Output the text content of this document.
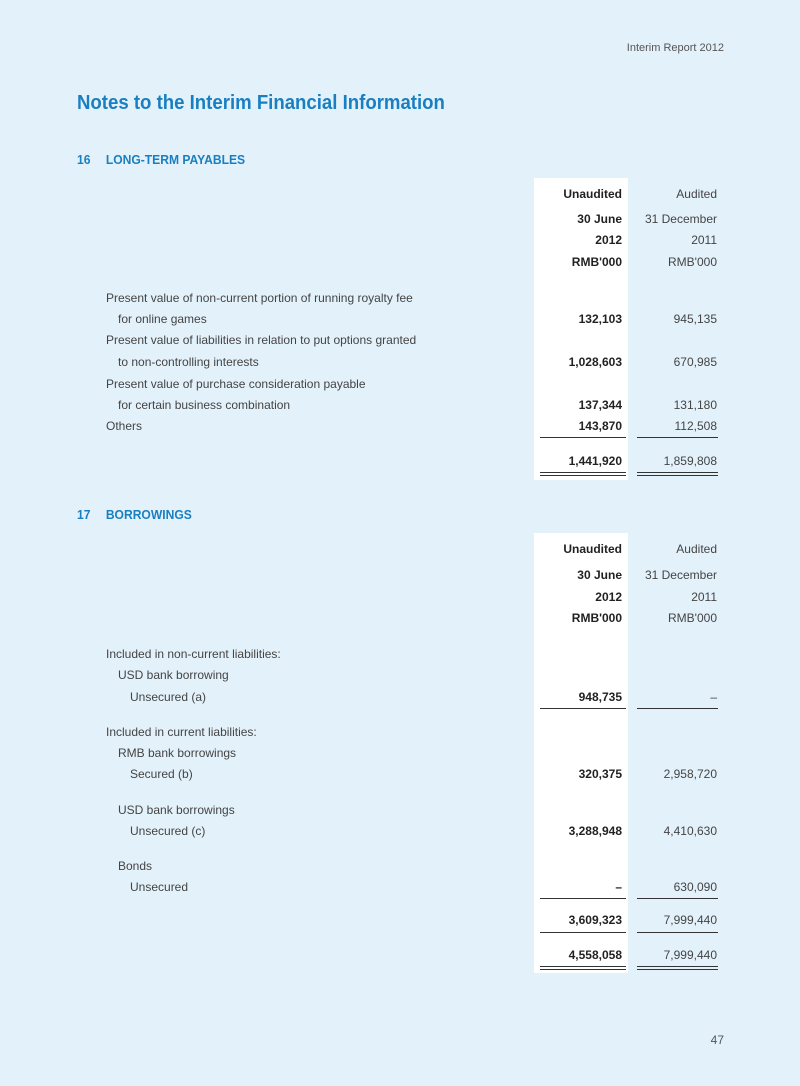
Interim Report 2012
Notes to the Interim Financial Information
16 LONG-TERM PAYABLES
Unaudited	Audited
30 June 31 December
2012	2011
RMB'000	RMB'000
Present value of non-current portion of running royalty fee
for online games	132,103	945,135
Present value of liabilities in relation to put options granted
to non-controlling interests	1,028,603	670,985
Present value of purchase consideration payable
for certain business combination	137,344	131,180
Others	143,870	112,508
1,441,920	1,859,808
17 BORROWINGS
Unaudited	Audited
30 June 31 December
2012	2011
RMB'000	RMB'000
Included in non-current liabilities:
USD bank borrowing
Unsecured (a)	948,735	–
Included in current liabilities:
RMB bank borrowings
Secured (b)	320,375	2,958,720
USD bank borrowings
Unsecured (c)	3,288,948	4,410,630
Bonds
Unsecured	–	630,090
3,609,323	7,999,440
4,558,058	7,999,440
47
